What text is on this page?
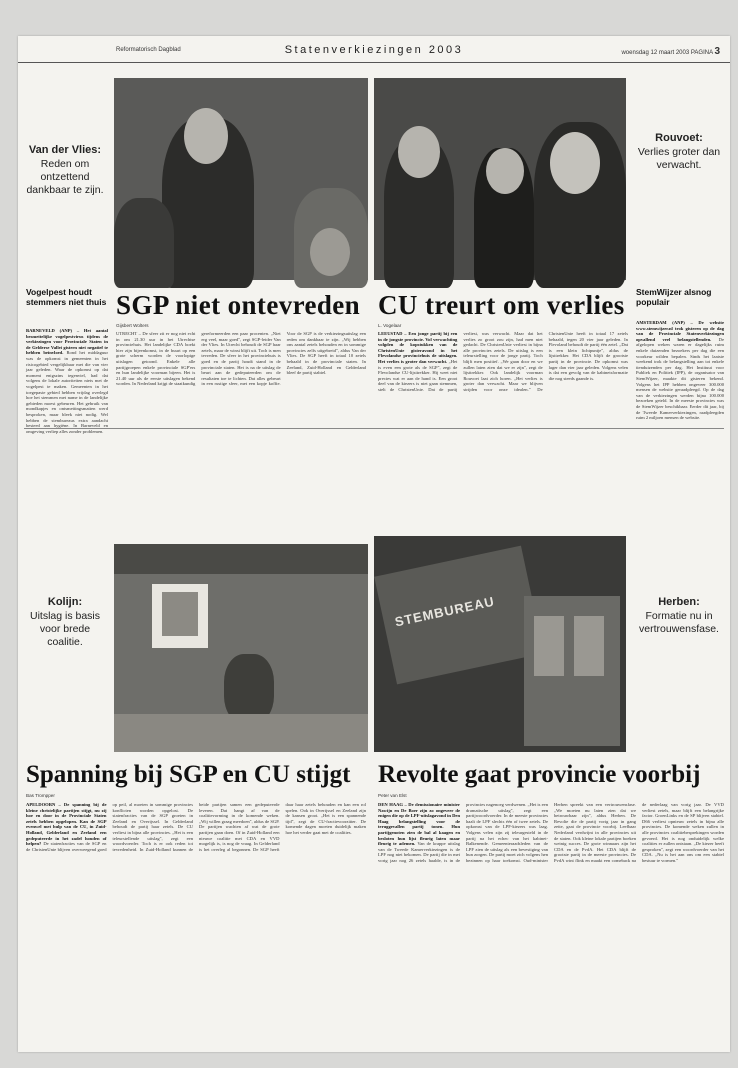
Reformatorisch Dagblad	Statenverkiezingen 2003	woensdag 12 maart 2003 PAGINA 3
Van der Vlies:
Reden om ontzettend dankbaar te zijn.
Rouvoet:
Verlies groter dan verwacht.
Vogelpest houdt stemmers niet thuis
BARNEVELD (ANP) – Het aantal besmettelijke vogelpestvirus tijdens de verkiezingen voor Provinciale Staten in de Gelderse Vallei gistern niet negatief te hebben beïnvloed. Rond het middaguur was de opkomst in gemeenten in het risicogebied vergelijkbaar met die van vier jaar geleden. Waar de opkomst op dat moment enigszins tegenviel, had dat volgens de lokale autoriteiten niets met de vogelpest te maken. Gemeenten in het toegepaste gebied hebben vrijdag overlegd hoe het stemmen met name in de landelijke gebieden moest gebeuren. Het gebruik van mondkapjes en ontsmettingsmatten werd besproken, maar bleek niet nodig. Wel hebben de stembureaus extra aandacht besteed aan hygiëne. In Barneveld en omgeving verliep alles zonder problemen.
SGP niet ontevreden
Gijsbert Wolters
UTRECHT – De sfeer zit er nog niet echt in om 21.30 uur in het Utrechtse provinciehuis. Het landelijke CDA boekt hier zijn bijeenkomst, in de buurt op een grote scherm worden de voorlopige uitslagen getoond. Enkele alle partijgroepen enkele provinciale SGP'ers en hun landelijke voorman bijeen. Het is 21.40 uur als de eerste uitslagen bekend worden. In Nederland krijgt de staatkundig gereformeerden een paar procenten. „Niet erg veel, maar goed", zegt SGP-leider Van der Vlies. In Utrecht behoudt de SGP haar zetels, maar de winst blijft uit. Toch is men tevreden. De sfeer in het provinciehuis is goed en de partij houdt stand in de provinciale staten. Het is na de uitslag de beurt aan de gedeputeerden om de resultaten toe te lichten. Dat alles gebeurt in een rustige sfeer, met een kopje koffie. Voor de SGP is de verkiezingsuitslag een reden om dankbaar te zijn. „Wij hebben ons aantal zetels behouden en in sommige provincies zelfs uitgebreid", aldus Van der Vlies. De SGP heeft in totaal 10 zetels behaald in de provinciale staten. In Zeeland, Zuid-Holland en Gelderland bleef de partij stabiel.
CU treurt om verlies
L. Vogelaar
LEEUSTAD – Een jonge partij bij een in de jongste provincie. Vol verwachting volgden de kopstukken van de ChristenUnie gisteravond in het Flevolandse provinciehuis de uitslagen. Het verlies is groter dan verwacht. „Het is even een grote als de SGP", zegt de Flevolandse CU-lijsttrekker. Hij weet niet precies wat er aan de hand is. Een groot deel van de kiezers is niet gaan stemmen, stelt de ChristenUnie. Dat de partij verliest, was verwacht. Maar dat het verlies zo groot zou zijn, had men niet gedacht. De ChristenUnie verliest in bijna alle provincies zetels. De uitslag is een teleurstelling voor de jonge partij. Toch blijft men positief. „We gaan door en we zullen laten zien dat we er zijn", zegt de lijsttrekker. Ook landelijk voorman Rouvoet laat zich horen. „Het verlies is groter dan verwacht. Maar we blijven strijden voor onze idealen." De ChristenUnie heeft in totaal 17 zetels behaald, tegen 20 vier jaar geleden. In Flevoland behoudt de partij één zetel. „Dat is een klein lichtpuntje", aldus de lijsttrekker. Het CDA blijft de grootste partij in de provincie. De opkomst was lager dan vier jaar geleden. Volgens velen is dat een gevolg van de kabinetsformatie die nog steeds gaande is.
StemWijzer alsnog populair
AMSTERDAM (ANP) – De website www.stemwijzer.nl trok gisteren op de dag van de Provinciale Statenverkiezingen opvallend veel belangstellenden. De afgelopen weken waren er dagelijks ruim enkele duizenden bezoekers per dag die een voorkeur wilden bepalen. Sinds het laatste weekend trok de belangstelling aan tot enkele tienduizenden per dag. Het Instituut voor Publiek en Politiek (IPP), de organisator van StemWijzer, maakte dit gisteren bekend. Volgens het IPP hebben ongeveer 300.000 mensen de website geraadpleegd. Op de dag van de verkiezingen werden bijna 100.000 bezoeken geteld. In de meeste provincies was de StemWijzer beschikbaar. Eerder dit jaar, bij de Tweede Kamerverkiezingen, raadpleegden ruim 2 miljoen mensen de website.
Kolijn:
Uitslag is basis voor brede coalitie.
STEMBUREAU	Herben:
Formatie nu in vertrouwensfase.
Spanning bij SGP en CU stijgt
Bas Trompper
APELDOORN – De spanning bij de kleine christelijke partijen stijgt, nu zij hoe en door in de Provinciale Staten zetels hebben opgelopen. Kan de SGP evenwel met hulp van de CU, in Zuid-Holland, Gelderland en Zeeland een gedeputeerde in het zadel houden of helpen? De statenfracties van de SGP en de ChristenUnie blijven overweegend goed op peil, al moeten in sommige provincies konflicten worden opgelost. De statenfracties van de SGP groeien in Zeeland en Overijssel. In Gelderland behoudt de partij haar zetels. De CU verliest in bijna alle provincies. „Het is een teleurstellende uitslag", zegt een woordvoerder. Toch is er ook reden tot tevredenheid. In Zuid-Holland kunnen de beide partijen samen een gedeputeerde leveren. Dat hangt af van de coalitievorming in de komende weken. „Wij willen graag meedoen", aldus de SGP. De partijen wachten af wat de grote partijen gaan doen. Of in Zuid-Holland een nieuwe coalitie met CDA en VVD mogelijk is, is nog de vraag. In Gelderland is het overleg al begonnen. De SGP heeft daar haar zetels behouden en kan een rol spelen. Ook in Overijssel en Zeeland zijn de kansen groot. „Het is een spannende tijd", zegt de CU-fractievoorzitter. De komende dagen moeten duidelijk maken hoe het verder gaat met de coalities.
Revolte gaat provincie voorbij
Peter van Elst
DEN HAAG – De demissionaire minister Nawijn en De Boer zijn zo ongeveer de enigen die op de LPF-uitslagavond in Den Haag belangstelling voor de teruggevallen partij tonen. Hun partijgenoten zien de bal al kaagen en besloten hun lijst fleurig laten maar fleurig te ademen. Van de krappe uitslag van de Tweede Kamerverkiezingen is de LPF nog niet bekomen. De partij die in mei vorig jaar nog 26 zetels haalde, is in de provincies nagenoeg verdwenen. „Het is een dramatische uitslag", zegt een partijwoordvoerder. In de meeste provincies haalt de LPF slechts één of twee zetels. De opkomst van de LPF-kiezers was laag. Volgens velen zijn zij teleurgesteld in de partij na het echec van het kabinet-Balkenende. Gemeenteraadsleden van de LPF zien de uitslag als een bevestiging van hun zorgen. De partij moet zich volgens hen bezinnen op haar toekomst. Oud-minister Herben spreekt van een vertrouwensfase. „We moeten nu laten zien dat we betrouwbaar zijn", aldus Herben. De Revolte die de partij vorig jaar in gang zette, gaat de provincie voorbij. Leefbaar Nederland verdwijnt in alle provincies uit de staten. Ook kleine lokale partijen boeken weinig succes. De grote winnaars zijn het CDA en de PvdA. Het CDA blijft de grootste partij in de meeste provincies. De PvdA wint flink en maakt een comeback na de nederlaag van vorig jaar. De VVD verliest zetels, maar blijft een belangrijke factor. GroenLinks en de SP blijven stabiel. D66 verliest opnieuw zetels in bijna alle provincies. De komende weken zullen in alle provincies coalitiebesprekingen worden gevoerd. Het is nog onduidelijk welke coalities er zullen ontstaan. „De kiezer heeft gesproken", zegt een woordvoerder van het CDA. „Nu is het aan ons om een stabiel bestuur te vormen."
